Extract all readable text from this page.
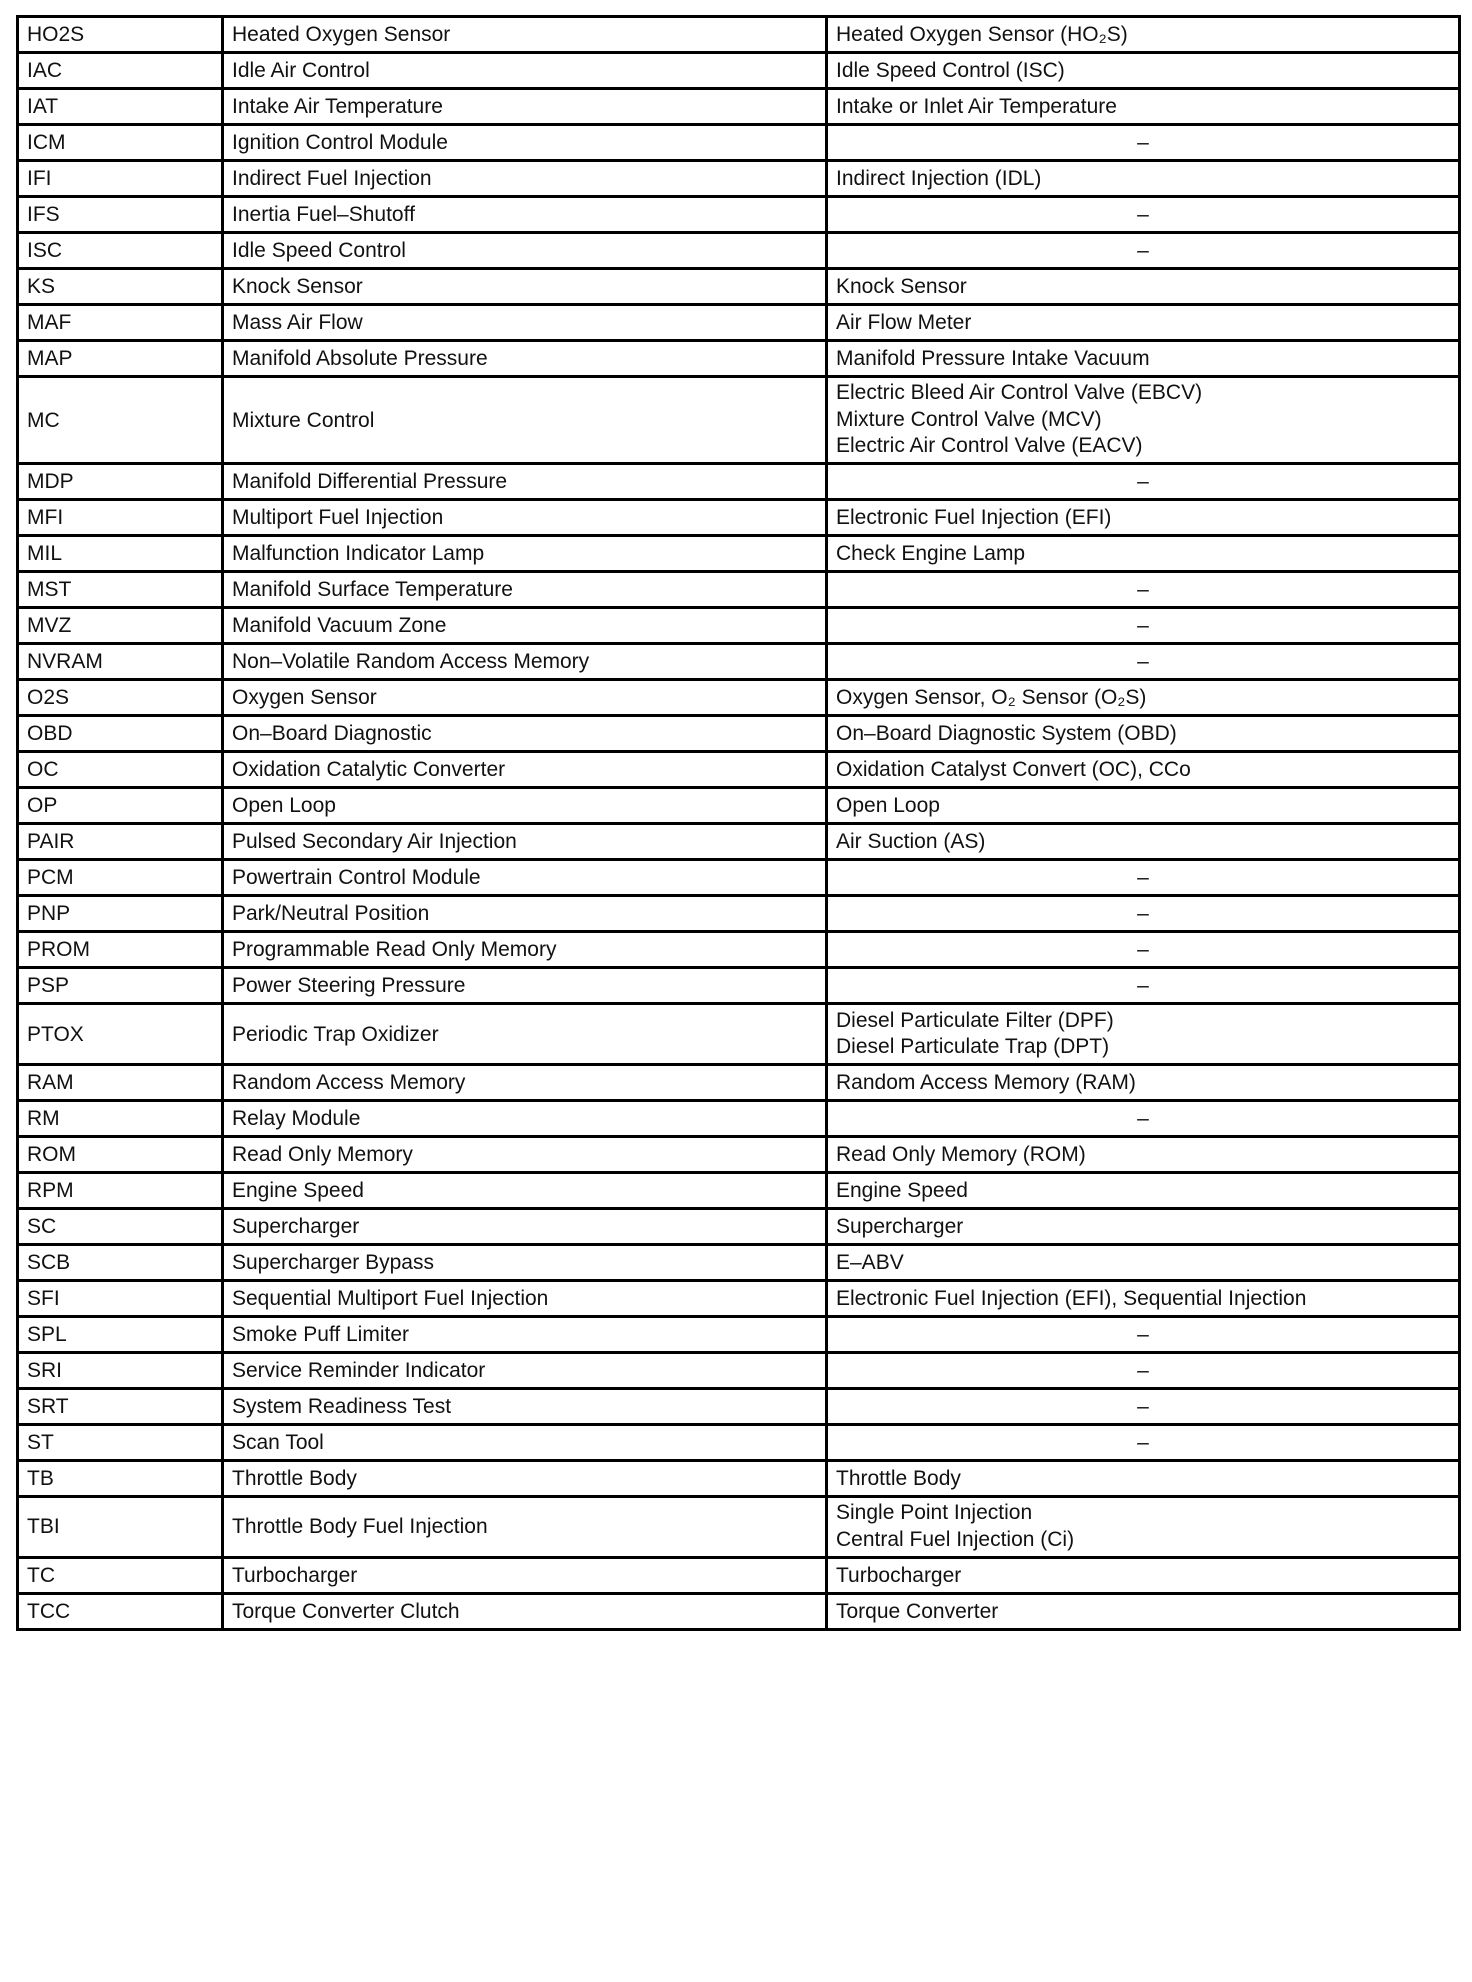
HO2S	Heated Oxygen Sensor	Heated Oxygen Sensor (HO₂S)

IAC	Idle Air Control	Idle Speed Control (ISC)

IAT	Intake Air Temperature	Intake or Inlet Air Temperature

ICM	Ignition Control Module	–

IFI	Indirect Fuel Injection	Indirect Injection (IDL)

IFS	Inertia Fuel–Shutoff	–

ISC	Idle Speed Control	–

KS	Knock Sensor	Knock Sensor

MAF	Mass Air Flow	Air Flow Meter

MAP	Manifold Absolute Pressure	Manifold Pressure Intake Vacuum

MC	Mixture Control	Electric Bleed Air Control Valve (EBCV)
Mixture Control Valve (MCV)
Electric Air Control Valve (EACV)

MDP	Manifold Differential Pressure	–

MFI	Multiport Fuel Injection	Electronic Fuel Injection (EFI)

MIL	Malfunction Indicator Lamp	Check Engine Lamp

MST	Manifold Surface Temperature	–

MVZ	Manifold Vacuum Zone	–

NVRAM	Non–Volatile Random Access Memory	–

O2S	Oxygen Sensor	Oxygen Sensor, O₂ Sensor (O₂S)

OBD	On–Board Diagnostic	On–Board Diagnostic System (OBD)

OC	Oxidation Catalytic Converter	Oxidation Catalyst Convert (OC), CCo

OP	Open Loop	Open Loop

PAIR	Pulsed Secondary Air Injection	Air Suction (AS)

PCM	Powertrain Control Module	–

PNP	Park/Neutral Position	–

PROM	Programmable Read Only Memory	–

PSP	Power Steering Pressure	–

PTOX	Periodic Trap Oxidizer	Diesel Particulate Filter (DPF)
Diesel Particulate Trap (DPT)

RAM	Random Access Memory	Random Access Memory (RAM)

RM	Relay Module	–

ROM	Read Only Memory	Read Only Memory (ROM)

RPM	Engine Speed	Engine Speed

SC	Supercharger	Supercharger

SCB	Supercharger Bypass	E–ABV

SFI	Sequential Multiport Fuel Injection	Electronic Fuel Injection (EFI), Sequential Injection

SPL	Smoke Puff Limiter	–

SRI	Service Reminder Indicator	–

SRT	System Readiness Test	–

ST	Scan Tool	–

TB	Throttle Body	Throttle Body

TBI	Throttle Body Fuel Injection	Single Point Injection
Central Fuel Injection (Ci)

TC	Turbocharger	Turbocharger

TCC	Torque Converter Clutch	Torque Converter
